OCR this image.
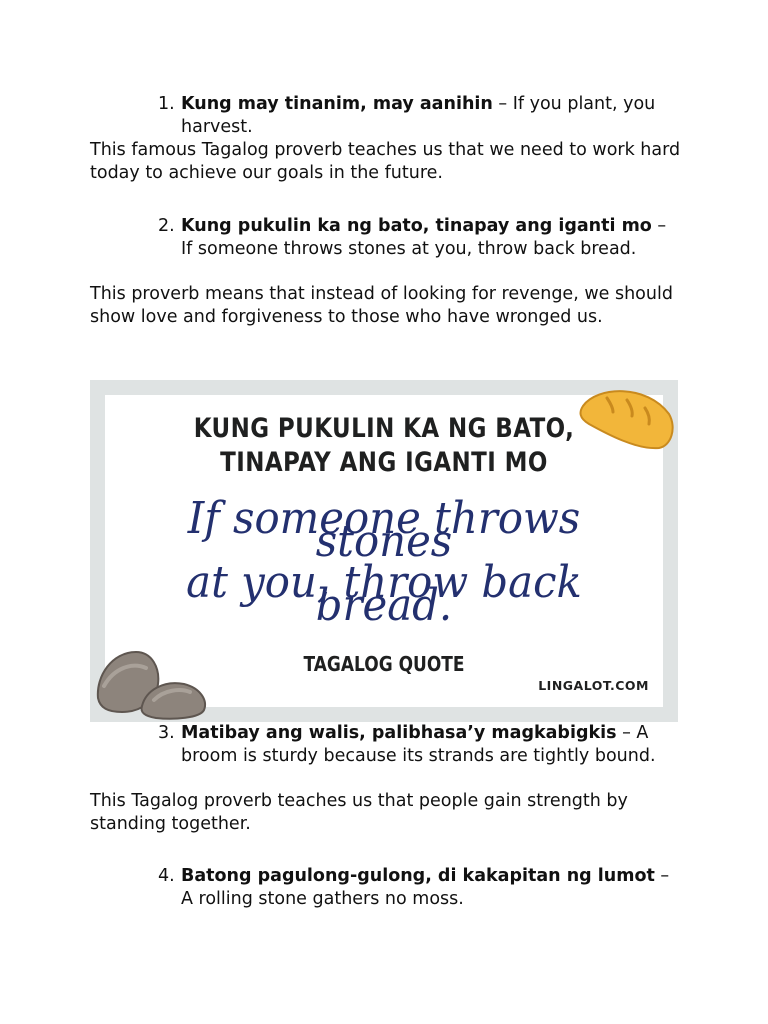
1. Kung may tinanim, may aanihin – If you plant, you harvest.
This famous Tagalog proverb teaches us that we need to work hard today to achieve our goals in the future.
2. Kung pukulin ka ng bato, tinapay ang iganti mo – If someone throws stones at you, throw back bread.
This proverb means that instead of looking for revenge, we should show love and forgiveness to those who have wronged us.
KUNG PUKULIN KA NG BATO,
TINAPAY ANG IGANTI MO
If someone throws stones
at you, throw back bread.
TAGALOG QUOTE
LINGALOT.COM
3. Matibay ang walis, palibhasa’y magkabigkis – A broom is sturdy because its strands are tightly bound.
This Tagalog proverb teaches us that people gain strength by standing together.
4. Batong pagulong-gulong, di kakapitan ng lumot – A rolling stone gathers no moss.
